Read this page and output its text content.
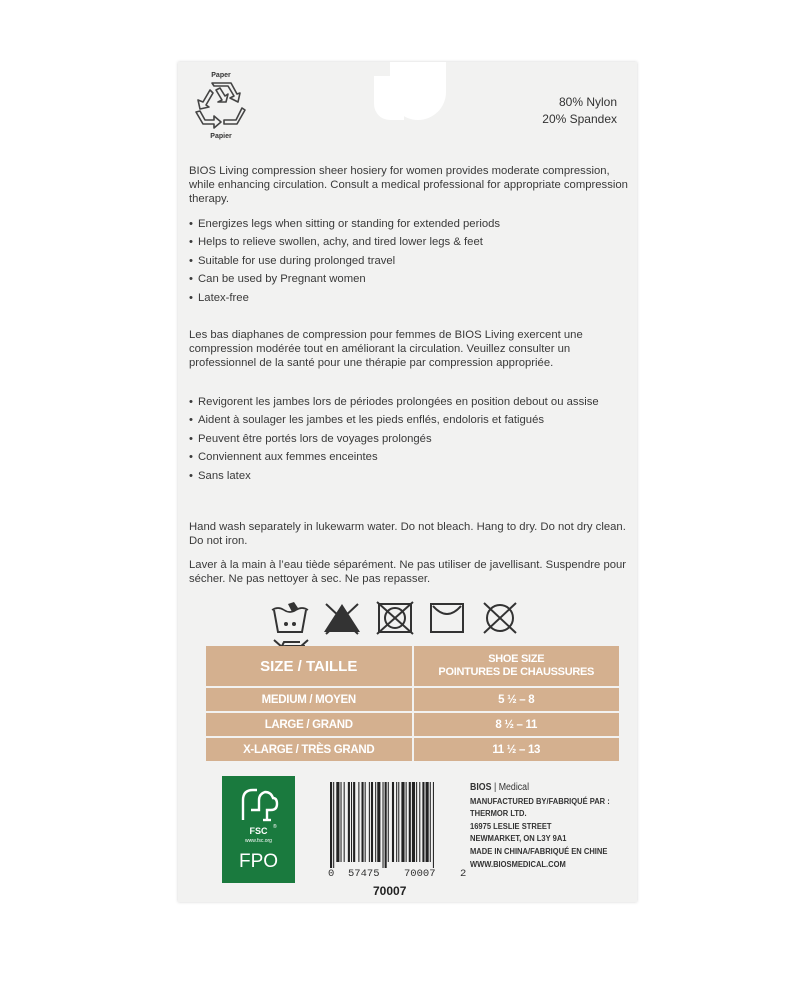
Paper
Papier
80% Nylon
20% Spandex
BIOS Living compression sheer hosiery for women provides moderate compression, while enhancing circulation. Consult a medical professional for appropriate compression therapy.
• Energizes legs when sitting or standing for extended periods
• Helps to relieve swollen, achy, and tired lower legs & feet
• Suitable for use during prolonged travel
• Can be used by Pregnant women
• Latex-free
Les bas diaphanes de compression pour femmes de BIOS Living exercent une compression modérée tout en améliorant la circulation. Veuillez consulter un professionnel de la santé pour une thérapie par compression appropriée.
• Revigorent les jambes lors de périodes prolongées en position debout ou assise
• Aident à soulager les jambes et les pieds enflés, endoloris et fatigués
• Peuvent être portés lors de voyages prolongés
• Conviennent aux femmes enceintes
• Sans latex
Hand wash separately in lukewarm water. Do not bleach. Hang to dry. Do not dry clean. Do not iron.
Laver à la main à l’eau tiède séparément. Ne pas utiliser de javellisant. Suspendre pour sécher. Ne pas nettoyer à sec. Ne pas repasser.

SIZE / TAILLE	SHOE SIZE
POINTURES DE CHAUSSURES

MEDIUM / MOYEN	5 ½ – 8
LARGE / GRAND	8 ½ – 11
X-LARGE / TRÈS GRAND	11 ½ – 13
®
FSC
www.fsc.org
FPO
0 57475 70007 2
70007
BIOS | Medical
MANUFACTURED BY/FABRIQUÉ PAR :
THERMOR LTD.
16975 LESLIE STREET
NEWMARKET, ON L3Y 9A1
MADE IN CHINA/FABRIQUÉ EN CHINE
WWW.BIOSMEDICAL.COM
